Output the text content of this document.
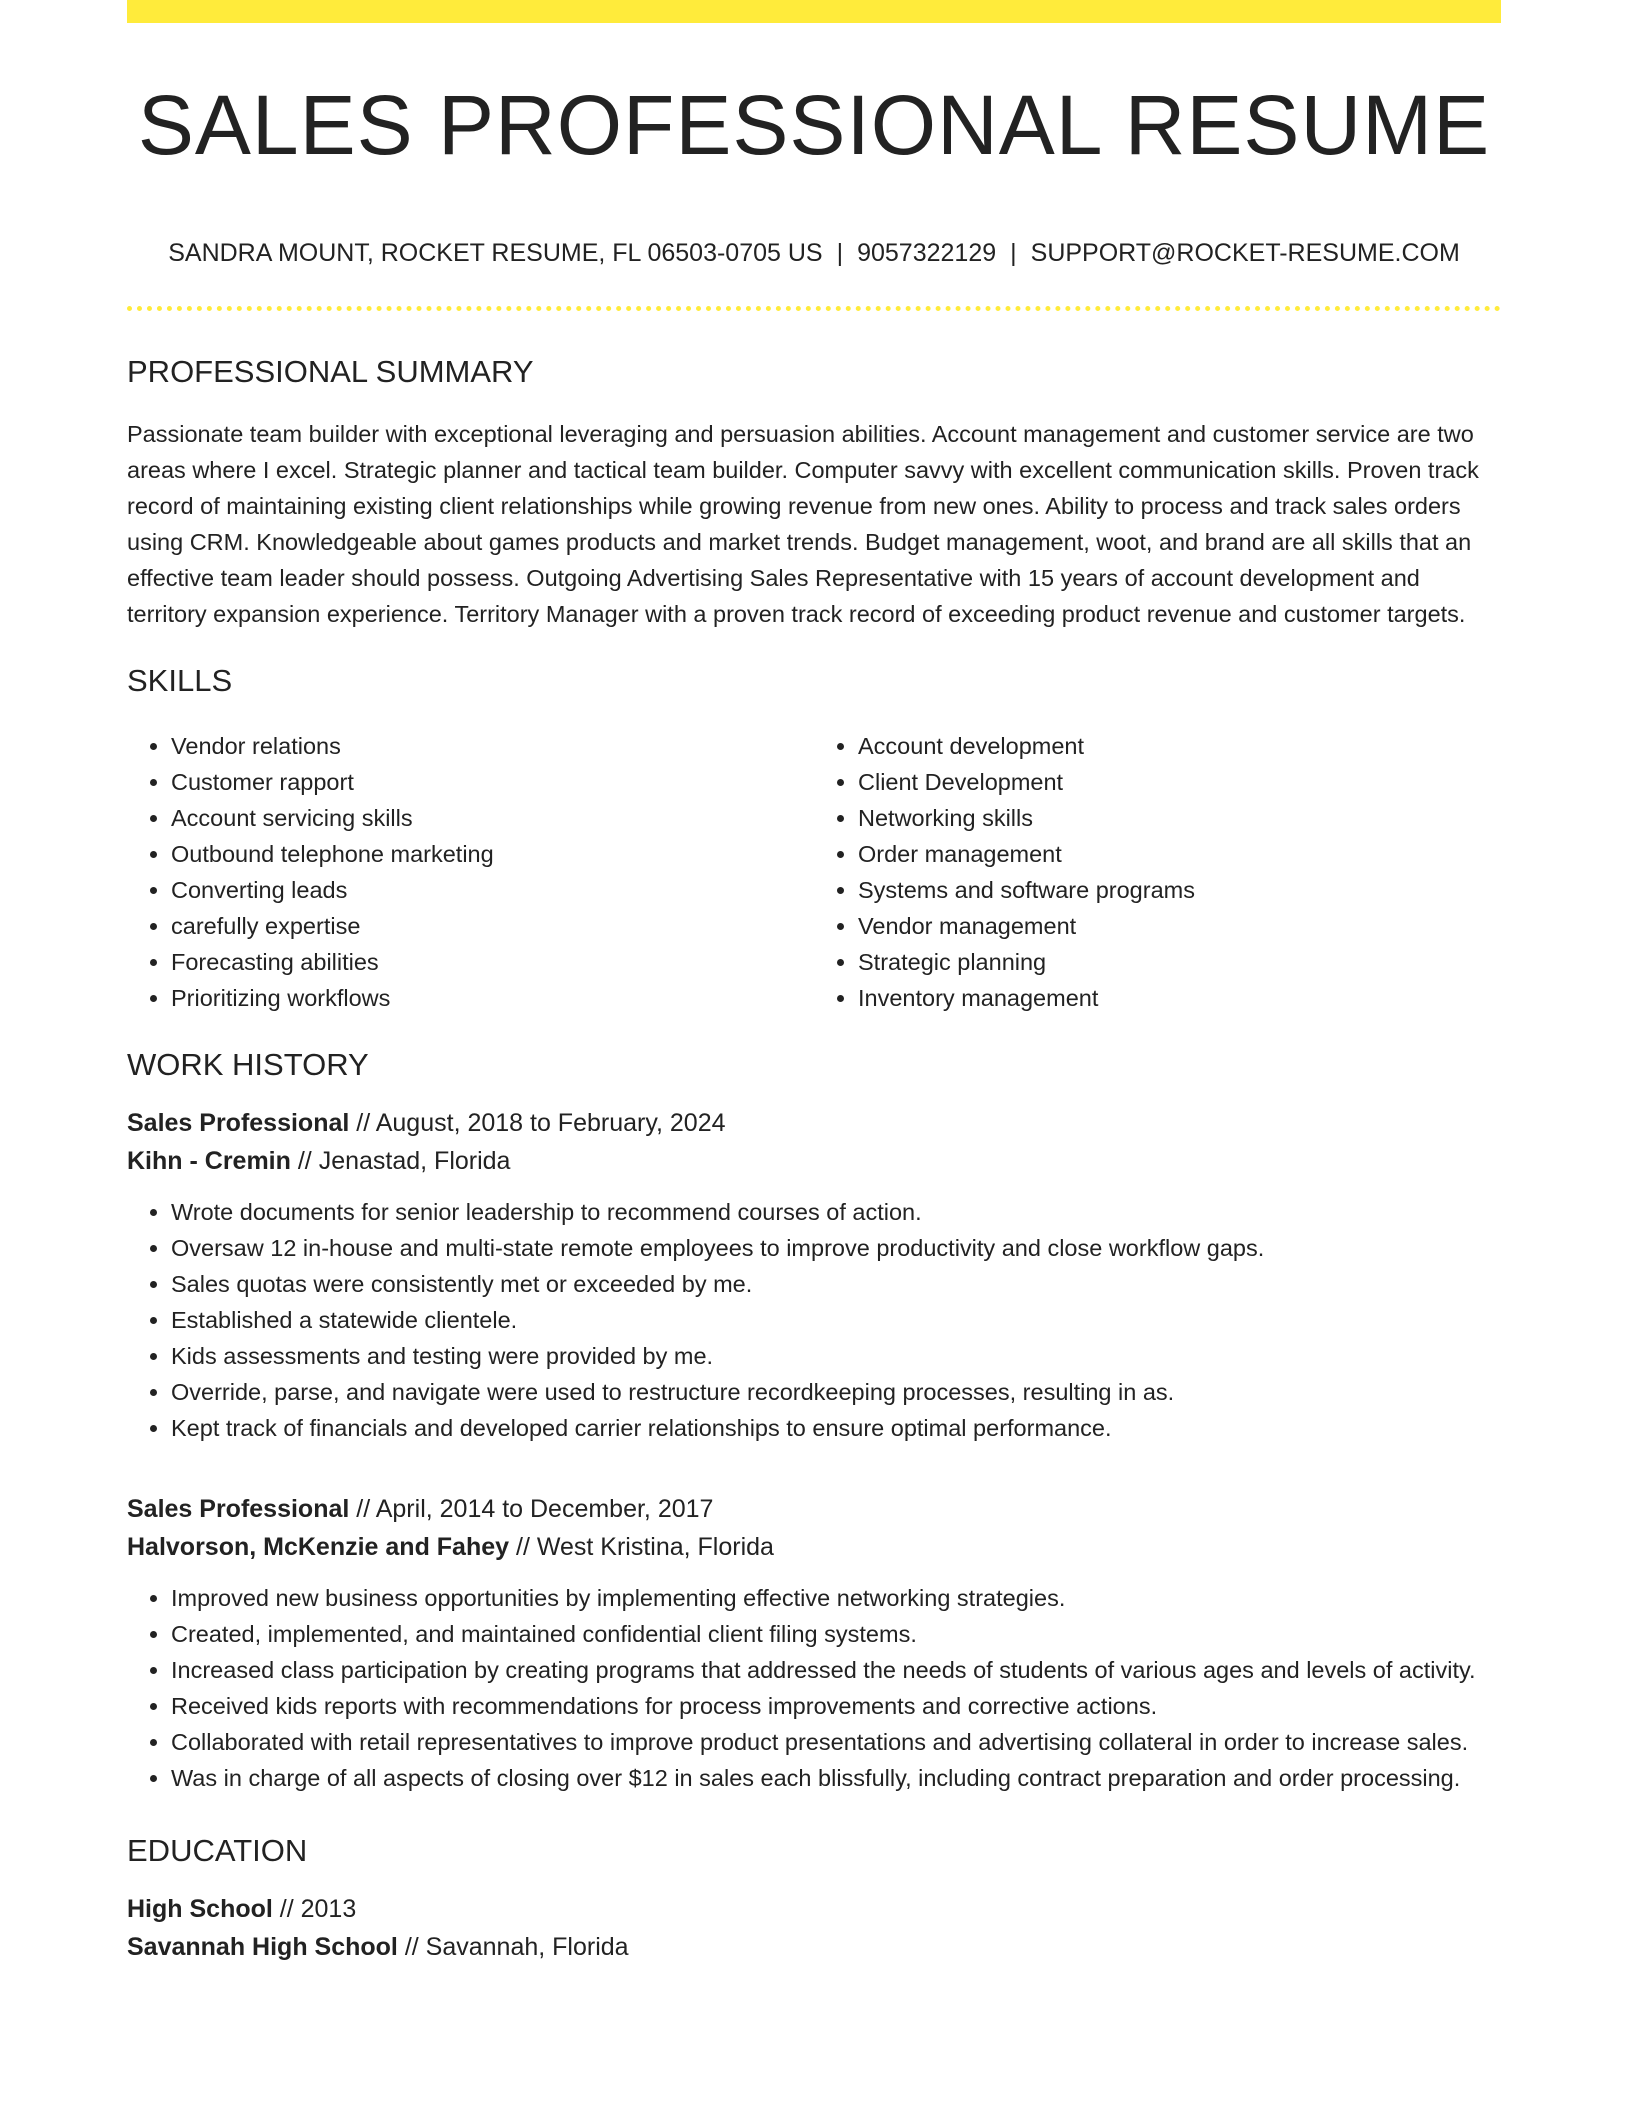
SALES PROFESSIONAL RESUME
SANDRA MOUNT, ROCKET RESUME, FL 06503-0705 US | 9057322129 | SUPPORT@ROCKET-RESUME.COM
PROFESSIONAL SUMMARY

Passionate team builder with exceptional leveraging and persuasion abilities. Account management and customer service are two areas where I excel. Strategic planner and tactical team builder. Computer savvy with excellent communication skills. Proven track record of maintaining existing client relationships while growing revenue from new ones. Ability to process and track sales orders using CRM. Knowledgeable about games products and market trends. Budget management, woot, and brand are all skills that an effective team leader should possess. Outgoing Advertising Sales Representative with 15 years of account development and territory expansion experience. Territory Manager with a proven track record of exceeding product revenue and customer targets.

SKILLS
• Vendor relations
• Customer rapport
• Account servicing skills
• Outbound telephone marketing
• Converting leads
• carefully expertise
• Forecasting abilities
• Prioritizing workflows
• Account development
• Client Development
• Networking skills
• Order management
• Systems and software programs
• Vendor management
• Strategic planning
• Inventory management
WORK HISTORY
Sales Professional // August, 2018 to February, 2024
Kihn - Cremin // Jenastad, Florida
• Wrote documents for senior leadership to recommend courses of action.
• Oversaw 12 in-house and multi-state remote employees to improve productivity and close workflow gaps.
• Sales quotas were consistently met or exceeded by me.
• Established a statewide clientele.
• Kids assessments and testing were provided by me.
• Override, parse, and navigate were used to restructure recordkeeping processes, resulting in as.
• Kept track of financials and developed carrier relationships to ensure optimal performance.
Sales Professional // April, 2014 to December, 2017
Halvorson, McKenzie and Fahey // West Kristina, Florida
• Improved new business opportunities by implementing effective networking strategies.
• Created, implemented, and maintained confidential client filing systems.
• Increased class participation by creating programs that addressed the needs of students of various ages and levels of activity.
• Received kids reports with recommendations for process improvements and corrective actions.
• Collaborated with retail representatives to improve product presentations and advertising collateral in order to increase sales.
• Was in charge of all aspects of closing over $12 in sales each blissfully, including contract preparation and order processing.
EDUCATION
High School // 2013
Savannah High School // Savannah, Florida
